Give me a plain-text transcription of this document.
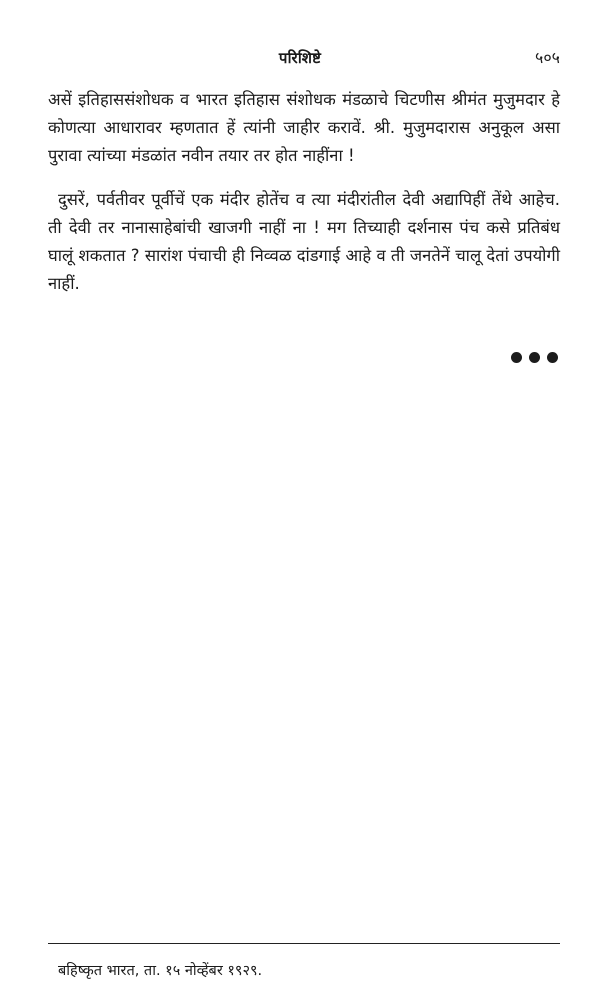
परिशिष्टे	५०५

असें इतिहाससंशोधक व भारत इतिहास संशोधक मंडळाचे चिटणीस श्रीमंत मुजुमदार हे कोणत्या आधारावर म्हणतात हें त्यांनी जाहीर करावें. श्री. मुजुमदारास अनुकूल असा पुरावा त्यांच्या मंडळांत नवीन तयार तर होत नाहींना !

दुसरें, पर्वतीवर पूर्वीचें एक मंदीर होतेंच व त्या मंदीरांतील देवी अद्यापिहीं तेंथे आहेच. ती देवी तर नानासाहेबांची खाजगी नाहीं ना ! मग तिच्याही दर्शनास पंच कसे प्रतिबंध घालूं शकतात ? सारांश पंचाची ही निव्वळ दांडगाई आहे व ती जनतेनें चालू देतां उपयोगी नाहीं.

बहिष्कृत भारत, ता. १५ नोव्हेंबर १९२९.
